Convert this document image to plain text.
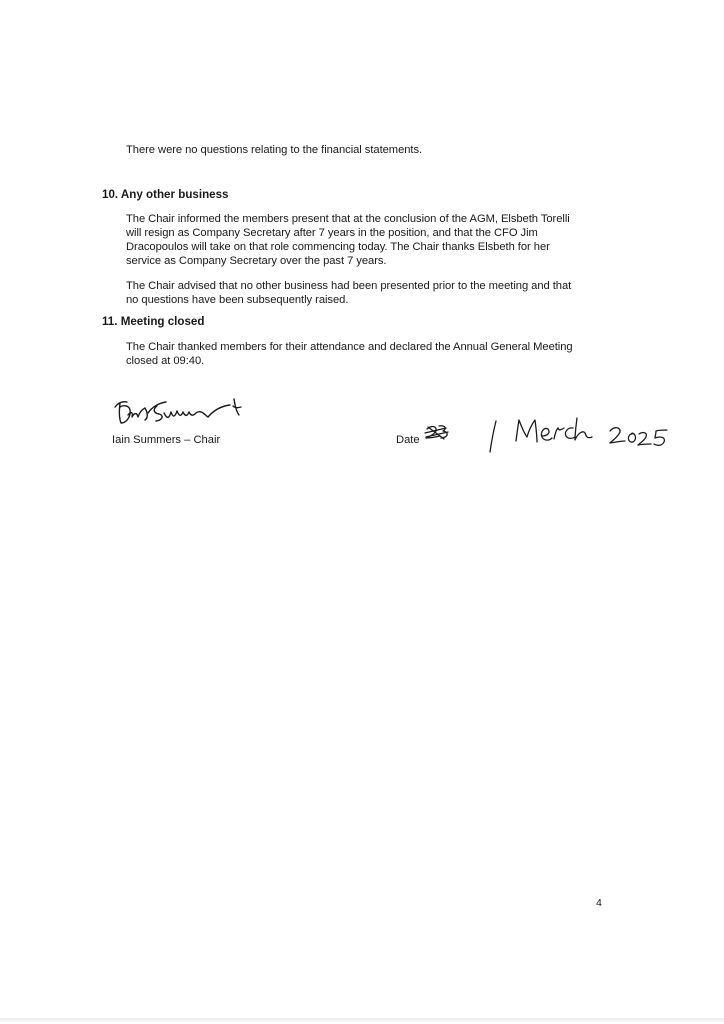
There were no questions relating to the financial statements.
10. Any other business
The Chair informed the members present that at the conclusion of the AGM, Elsbeth Torelli
will resign as Company Secretary after 7 years in the position, and that the CFO Jim
Dracopoulos will take on that role commencing today. The Chair thanks Elsbeth for her
service as Company Secretary over the past 7 years.
The Chair advised that no other business had been presented prior to the meeting and that
no questions have been subsequently raised.
11. Meeting closed
The Chair thanked members for their attendance and declared the Annual General Meeting
closed at 09:40.
Iain Summers – Chair	Date
4
